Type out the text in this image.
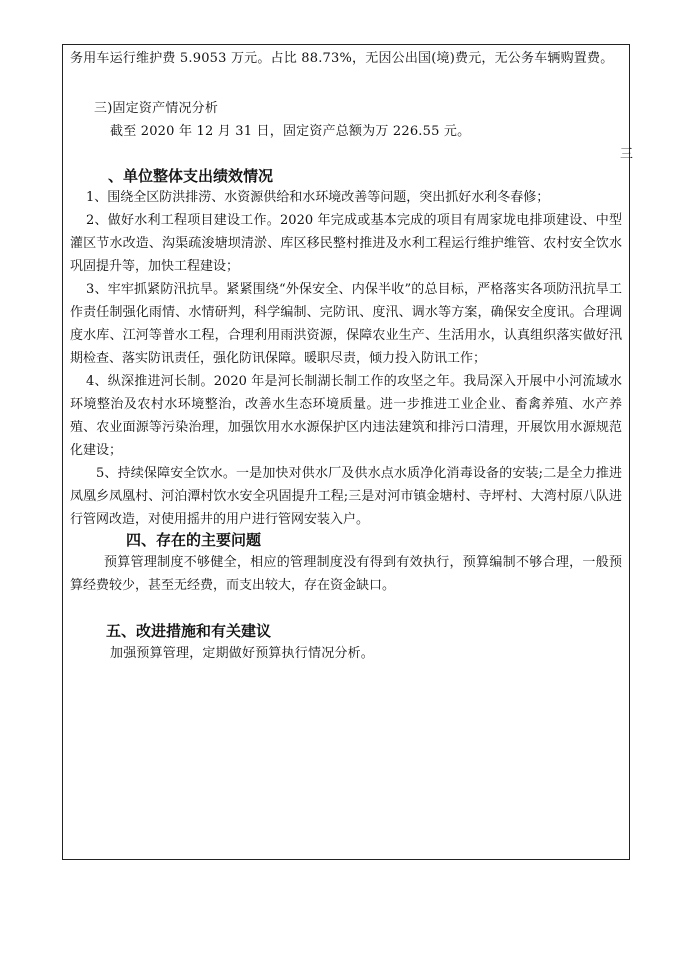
务用车运行维护费 5.9053 万元。占比 88.73%，无因公出国(境)费元，无公务车辆购置费。
三)固定资产情况分析
截至 2020 年 12 月 31 日，固定资产总额为万 226.55 元。
三
、单位整体支出绩效情况
1、围绕全区防洪排涝、水资源供给和水环境改善等问题，突出抓好水利冬春修；
2、做好水利工程项目建设工作。2020 年完成或基本完成的项目有周家垅电排项建设、中型灌区节水改造、沟渠疏浚塘坝清淤、库区移民整村推进及水利工程运行维护维管、农村安全饮水巩固提升等，加快工程建设；
3、牢牢抓紧防汛抗旱。紧紧围绕“外保安全、内保半收”的总目标，严格落实各项防汛抗旱工作责任制强化雨情、水情研判，科学编制、完防讯、度汛、调水等方案，确保安全度讯。合理调度水库、江河等普水工程，合理利用雨洪资源，保障农业生产、生活用水，认真组织落实做好汛期检查、落实防讯责任，强化防讯保障。暖职尽责，倾力投入防讯工作；
4、纵深推进河长制。2020 年是河长制湖长制工作的攻坚之年。我局深入开展中小河流域水环境整治及农村水环境整治，改善水生态环境质量。进一步推进工业企业、畜禽养殖、水产养殖、农业面源等污染治理，加强饮用水水源保护区内违法建筑和排污口清理，开展饮用水源规范化建设；
5、持续保障安全饮水。一是加快对供水厂及供水点水质净化消毒设备的安装;二是全力推进凤凰乡凤凰村、河泊潭村饮水安全巩固提升工程;三是对河市镇金塘村、寺坪村、大湾村原八队进行管网改造，对使用摇井的用户进行管网安装入户。
四、存在的主要问题
预算管理制度不够健全，相应的管理制度没有得到有效执行，预算编制不够合理，一般预算经费较少，甚至无经费，而支出较大，存在资金缺口。
五、改进措施和有关建议
加强预算管理，定期做好预算执行情况分析。
